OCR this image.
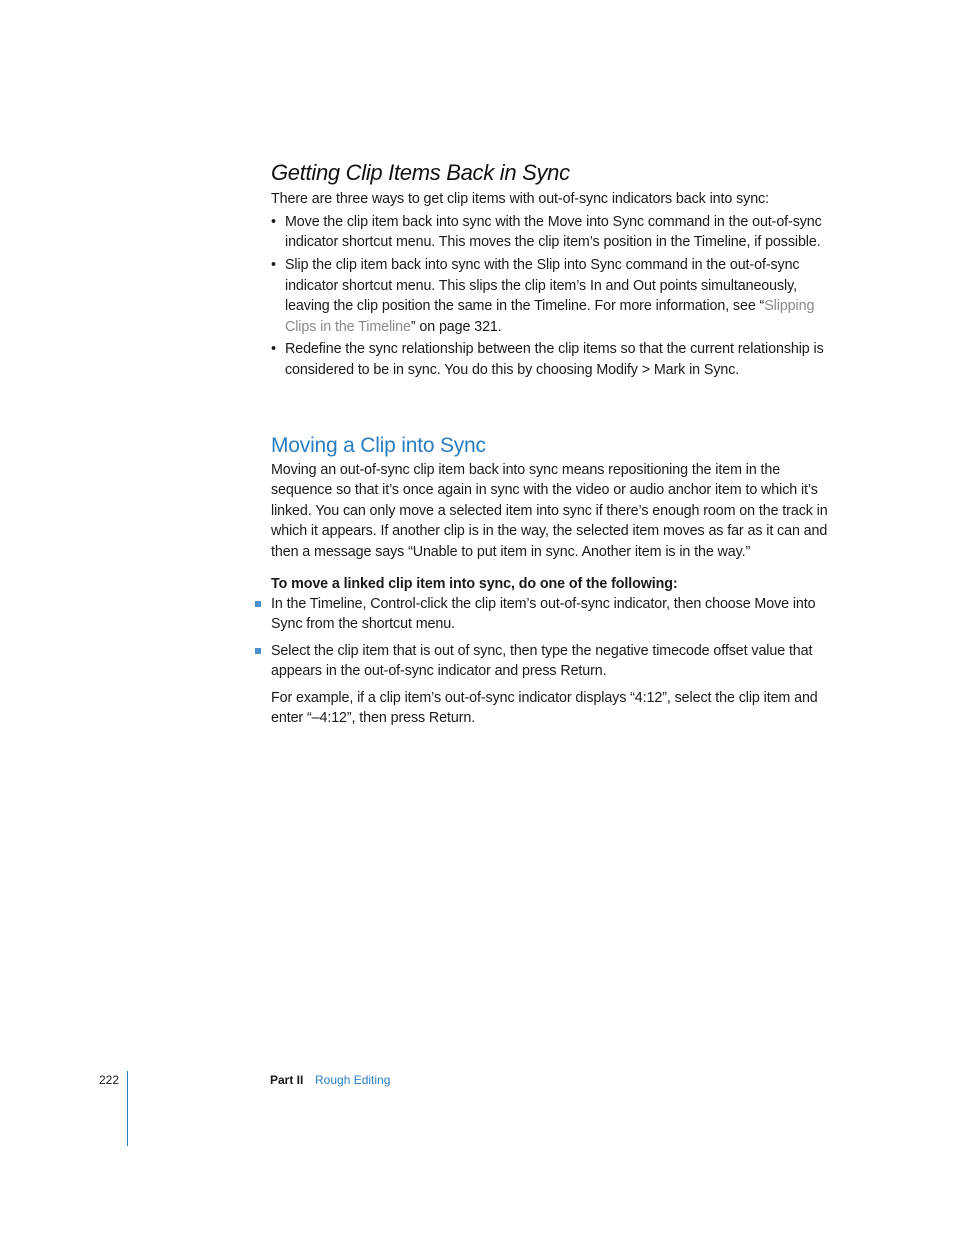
Getting Clip Items Back in Sync

There are three ways to get clip items with out-of-sync indicators back into sync:

• Move the clip item back into sync with the Move into Sync command in the out-of-sync indicator shortcut menu. This moves the clip item’s position in the Timeline, if possible.
• Slip the clip item back into sync with the Slip into Sync command in the out-of-sync indicator shortcut menu. This slips the clip item’s In and Out points simultaneously, leaving the clip position the same in the Timeline. For more information, see “Slipping Clips in the Timeline” on page 321.
• Redefine the sync relationship between the clip items so that the current relationship is considered to be in sync. You do this by choosing Modify > Mark in Sync.
Moving a Clip into Sync

Moving an out-of-sync clip item back into sync means repositioning the item in the sequence so that it’s once again in sync with the video or audio anchor item to which it’s linked. You can only move a selected item into sync if there’s enough room on the track in which it appears. If another clip is in the way, the selected item moves as far as it can and then a message says “Unable to put item in sync. Another item is in the way.”

To move a linked clip item into sync, do one of the following:

In the Timeline, Control-click the clip item’s out-of-sync indicator, then choose Move into Sync from the shortcut menu.
Select the clip item that is out of sync, then type the negative timecode offset value that appears in the out-of-sync indicator and press Return.

For example, if a clip item’s out-of-sync indicator displays “4:12”, select the clip item and enter “–4:12”, then press Return.

222	Part II Rough Editing
